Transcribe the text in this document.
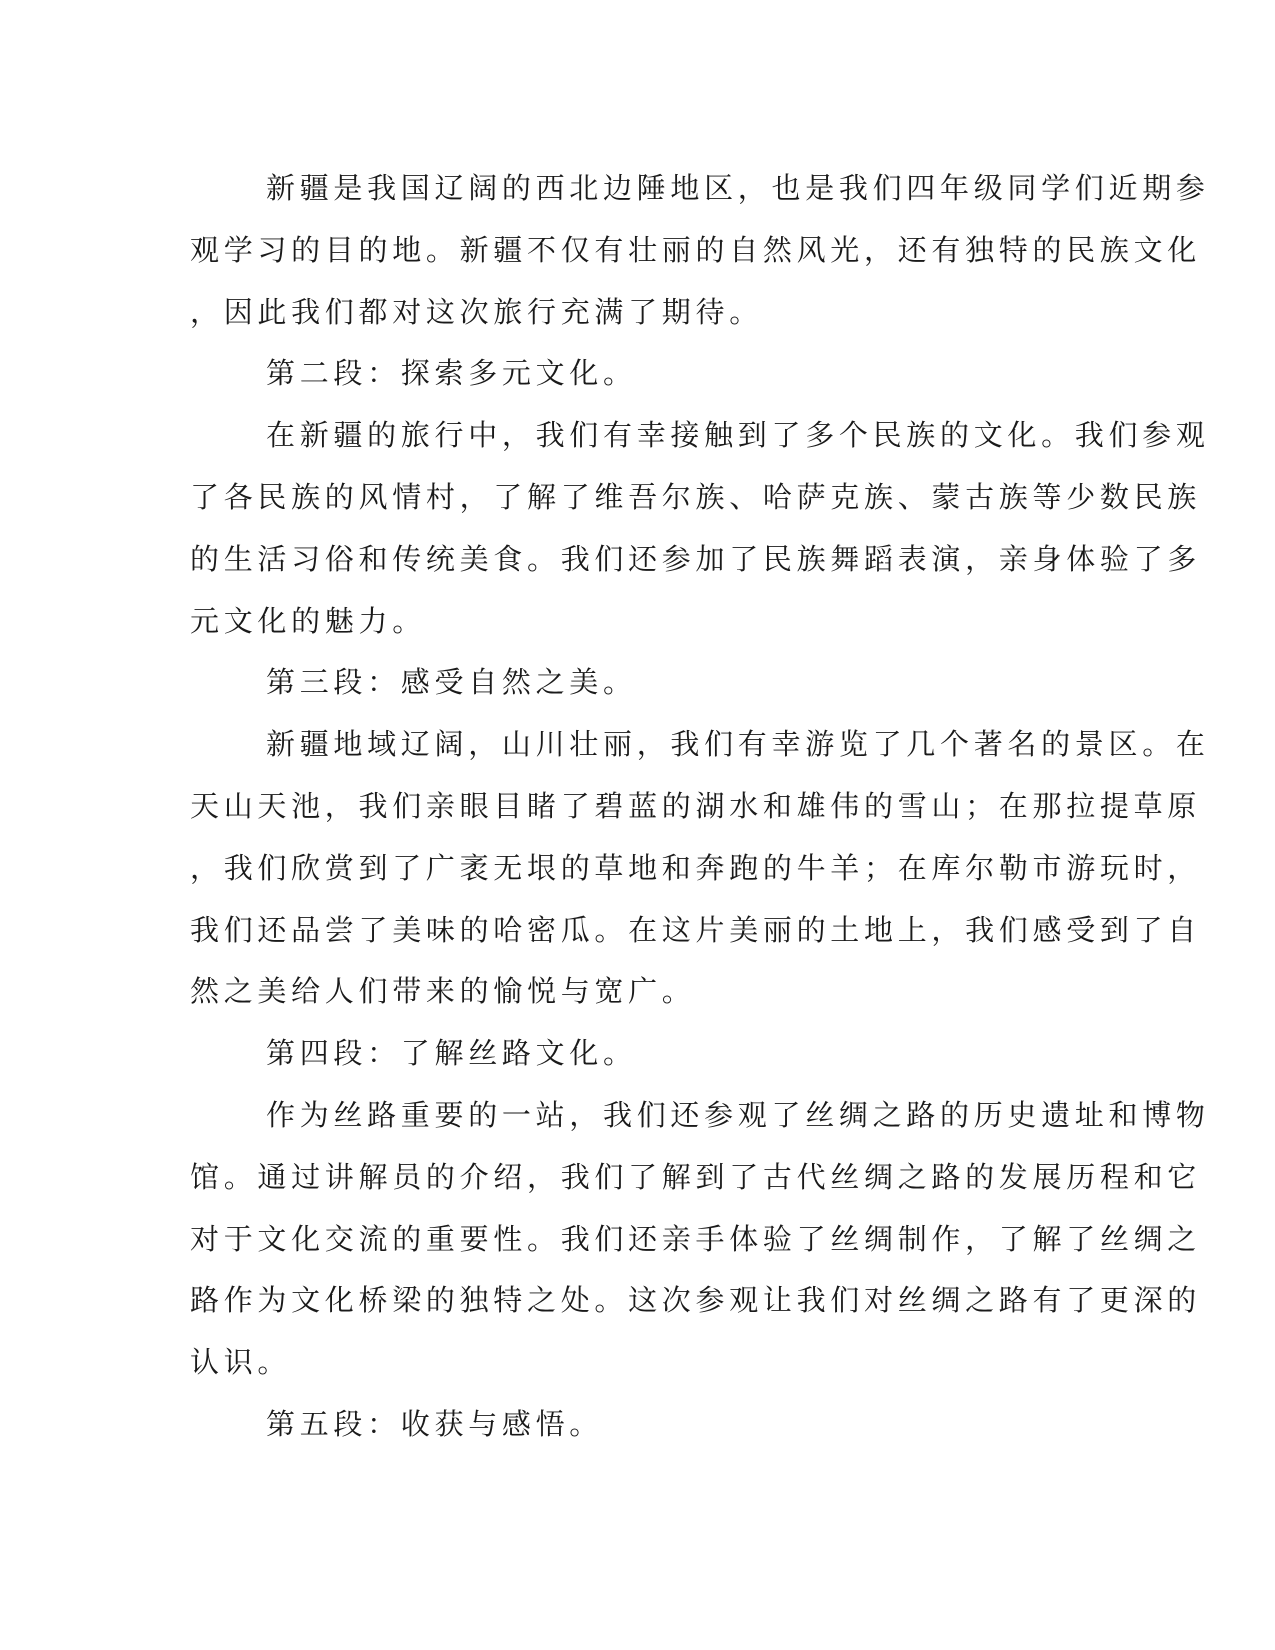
新疆是我国辽阔的西北边陲地区，也是我们四年级同学们近期参
观学习的目的地。新疆不仅有壮丽的自然风光，还有独特的民族文化
，因此我们都对这次旅行充满了期待。
第二段：探索多元文化。
在新疆的旅行中，我们有幸接触到了多个民族的文化。我们参观
了各民族的风情村，了解了维吾尔族、哈萨克族、蒙古族等少数民族
的生活习俗和传统美食。我们还参加了民族舞蹈表演，亲身体验了多
元文化的魅力。
第三段：感受自然之美。
新疆地域辽阔，山川壮丽，我们有幸游览了几个著名的景区。在
天山天池，我们亲眼目睹了碧蓝的湖水和雄伟的雪山；在那拉提草原
，我们欣赏到了广袤无垠的草地和奔跑的牛羊；在库尔勒市游玩时，
我们还品尝了美味的哈密瓜。在这片美丽的土地上，我们感受到了自
然之美给人们带来的愉悦与宽广。
第四段：了解丝路文化。
作为丝路重要的一站，我们还参观了丝绸之路的历史遗址和博物
馆。通过讲解员的介绍，我们了解到了古代丝绸之路的发展历程和它
对于文化交流的重要性。我们还亲手体验了丝绸制作，了解了丝绸之
路作为文化桥梁的独特之处。这次参观让我们对丝绸之路有了更深的
认识。
第五段：收获与感悟。
